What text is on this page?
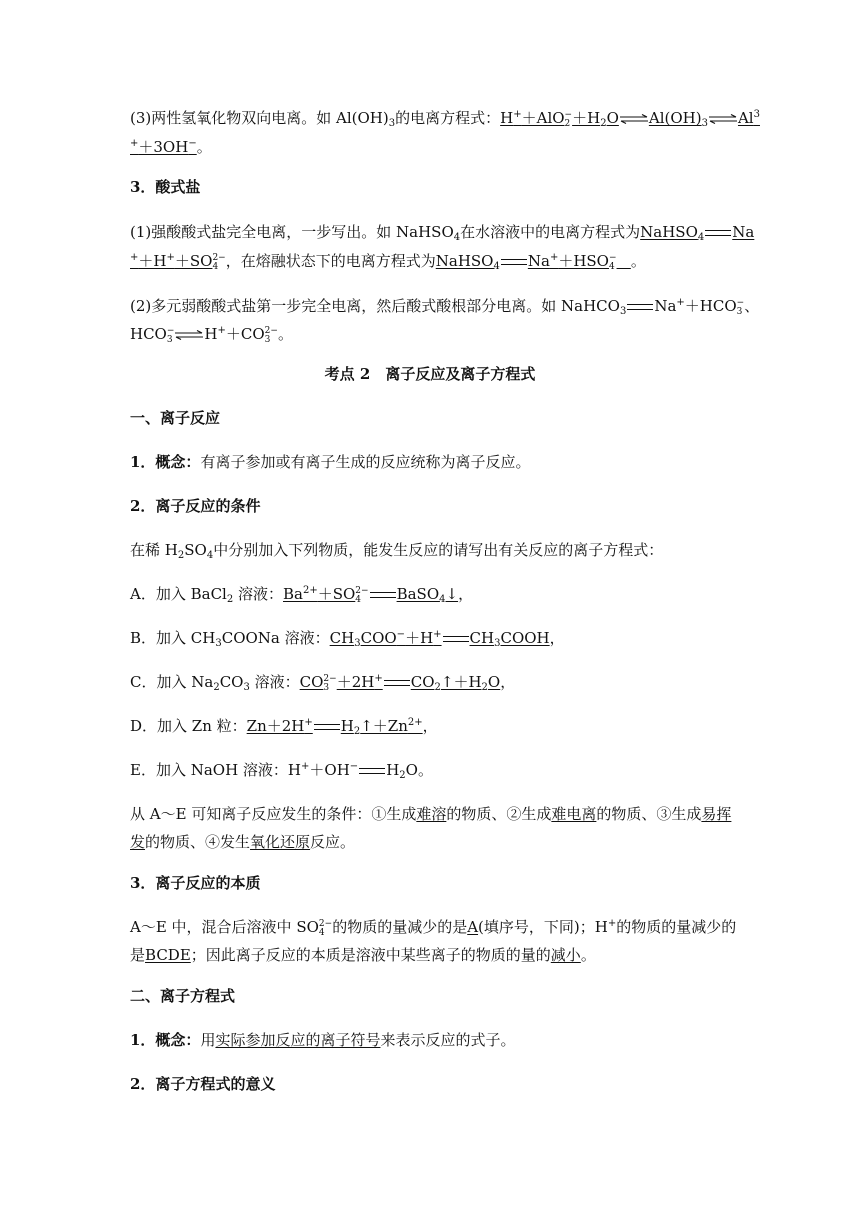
(3)两性氢氧化物双向电离。如 $Al(OH)_3$的电离方程式：H+＋AlO −
$2 +H_2O\rightleftharpoons Al(OH)_3\rightleftharpoons Al^3$
+＋3OH−。
3．酸式盐
(1)强酸酸式盐完全电离，一步写出。如 NaHSO$_4$在水溶液中的电离方程式为NaHSO$_4$ Na
+＋H+＋SO 2−
4 ，在熔融状态下的电离方程式为NaHSO$_4$ Na+＋HSO −
4 。
(2)多元弱酸酸式盐第一步完全电离，然后酸式酸根部分电离。如 NaHCO$_3$ Na+＋HCO −
3 、
HCO −
3 ⇌H+＋CO 2−
3 。
考点 2　离子反应及离子方程式
一、离子反应
1．概念：有离子参加或有离子生成的反应统称为离子反应。
2．离子反应的条件
在稀 $H_2SO_4$中分别加入下列物质，能发生反应的请写出有关反应的离子方程式：
A．加入 BaCl$_2$ 溶液：$Ba^{2+}+SO$ 2−
4	BaSO$_4$↓，
B．加入 $CH_3COONa$ 溶液：$CH_3COO^-+H^+$ $CH_3COOH$，
C．加入 $Na_2CO_3$ 溶液：CO 2−
3 ＋2H+ $CO_2↑+H_2O$，
D．加入 Zn 粒：Zn＋2H+ $H_2↑+Zn^{2+}$，
E．加入 NaOH 溶液：H+＋OH− $H_2O$。
从 A～E 可知离子反应发生的条件：①生成难溶的物质、②生成难电离的物质、③生成易挥
发的物质、④发生氧化还原反应。
3．离子反应的本质
A～E 中，混合后溶液中 SO 2−
4 的物质的量减少的是A(填序号，下同)；H+的物质的量减少的
是BCDE；因此离子反应的本质是溶液中某些离子的物质的量的减小。
二、离子方程式
1．概念：用实际参加反应的离子符号来表示反应的式子。
2．离子方程式的意义
